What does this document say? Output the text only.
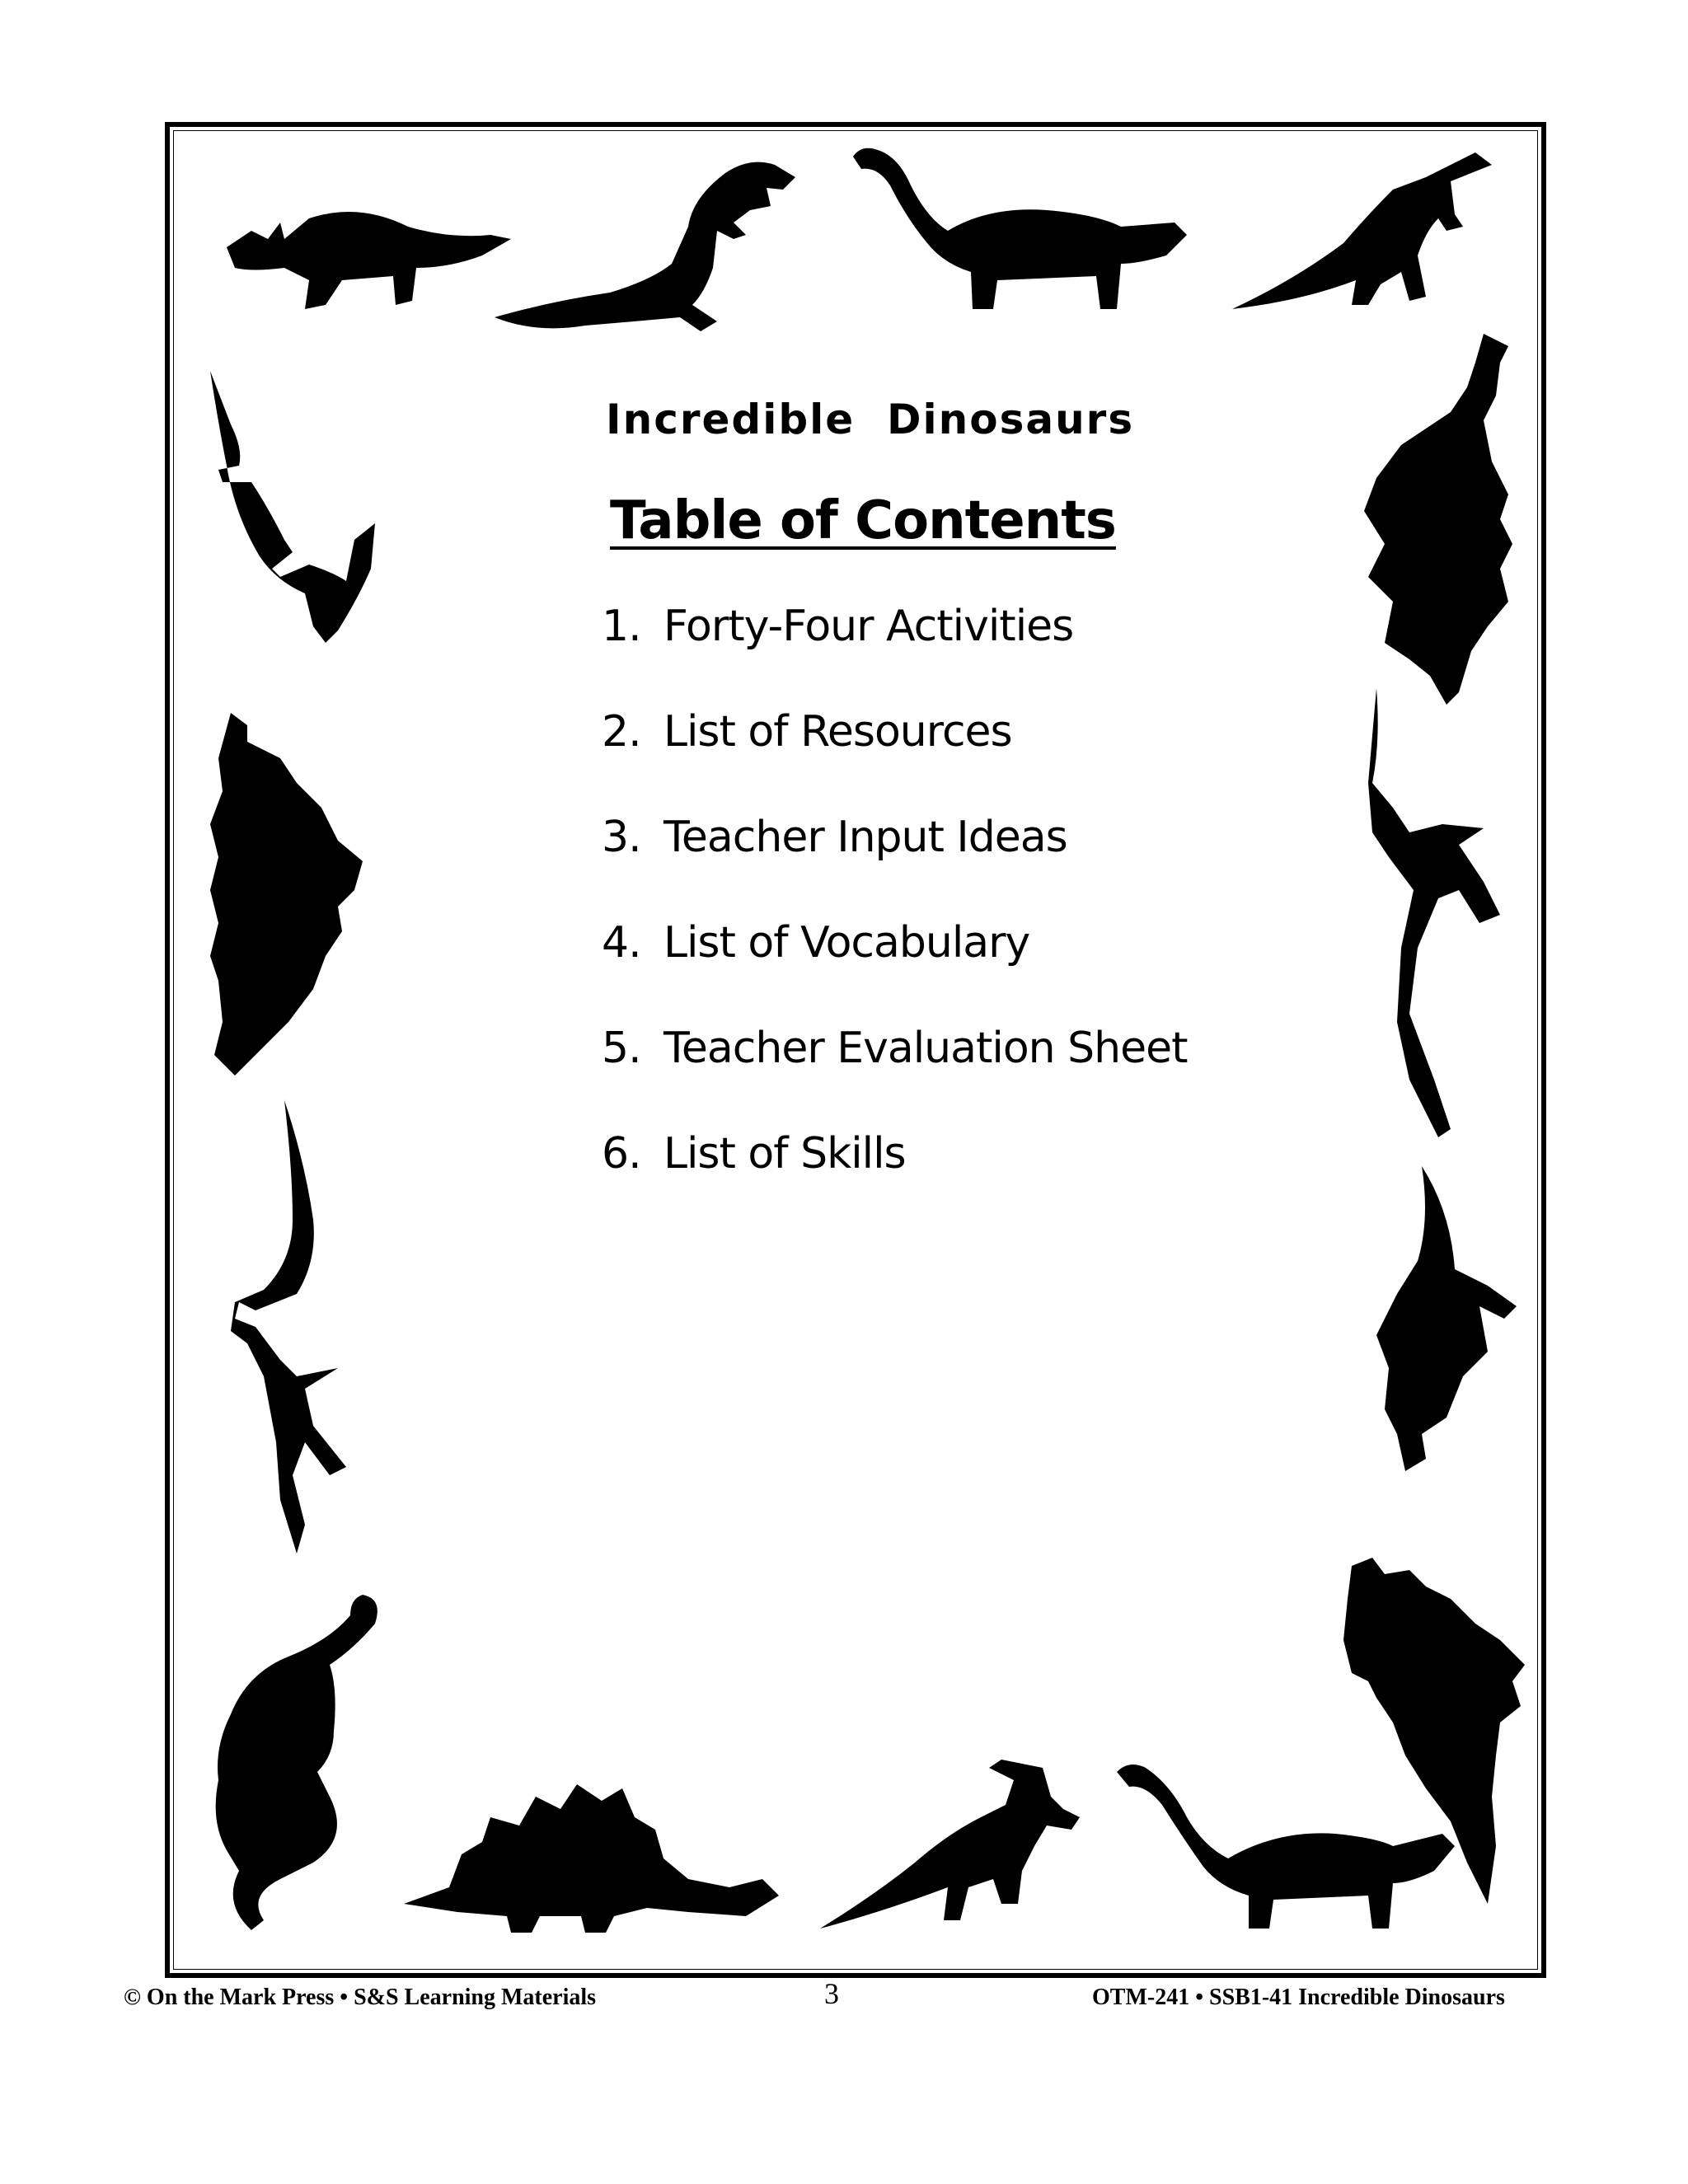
Incredible  Dinosaurs
Table of Contents
1. Forty-Four Activities
2. List of Resources
3. Teacher Input Ideas
4. List of Vocabulary
5. Teacher Evaluation Sheet
6. List of Skills
© On the Mark Press • S&S Learning Materials	3	OTM-241 • SSB1-41 Incredible Dinosaurs
